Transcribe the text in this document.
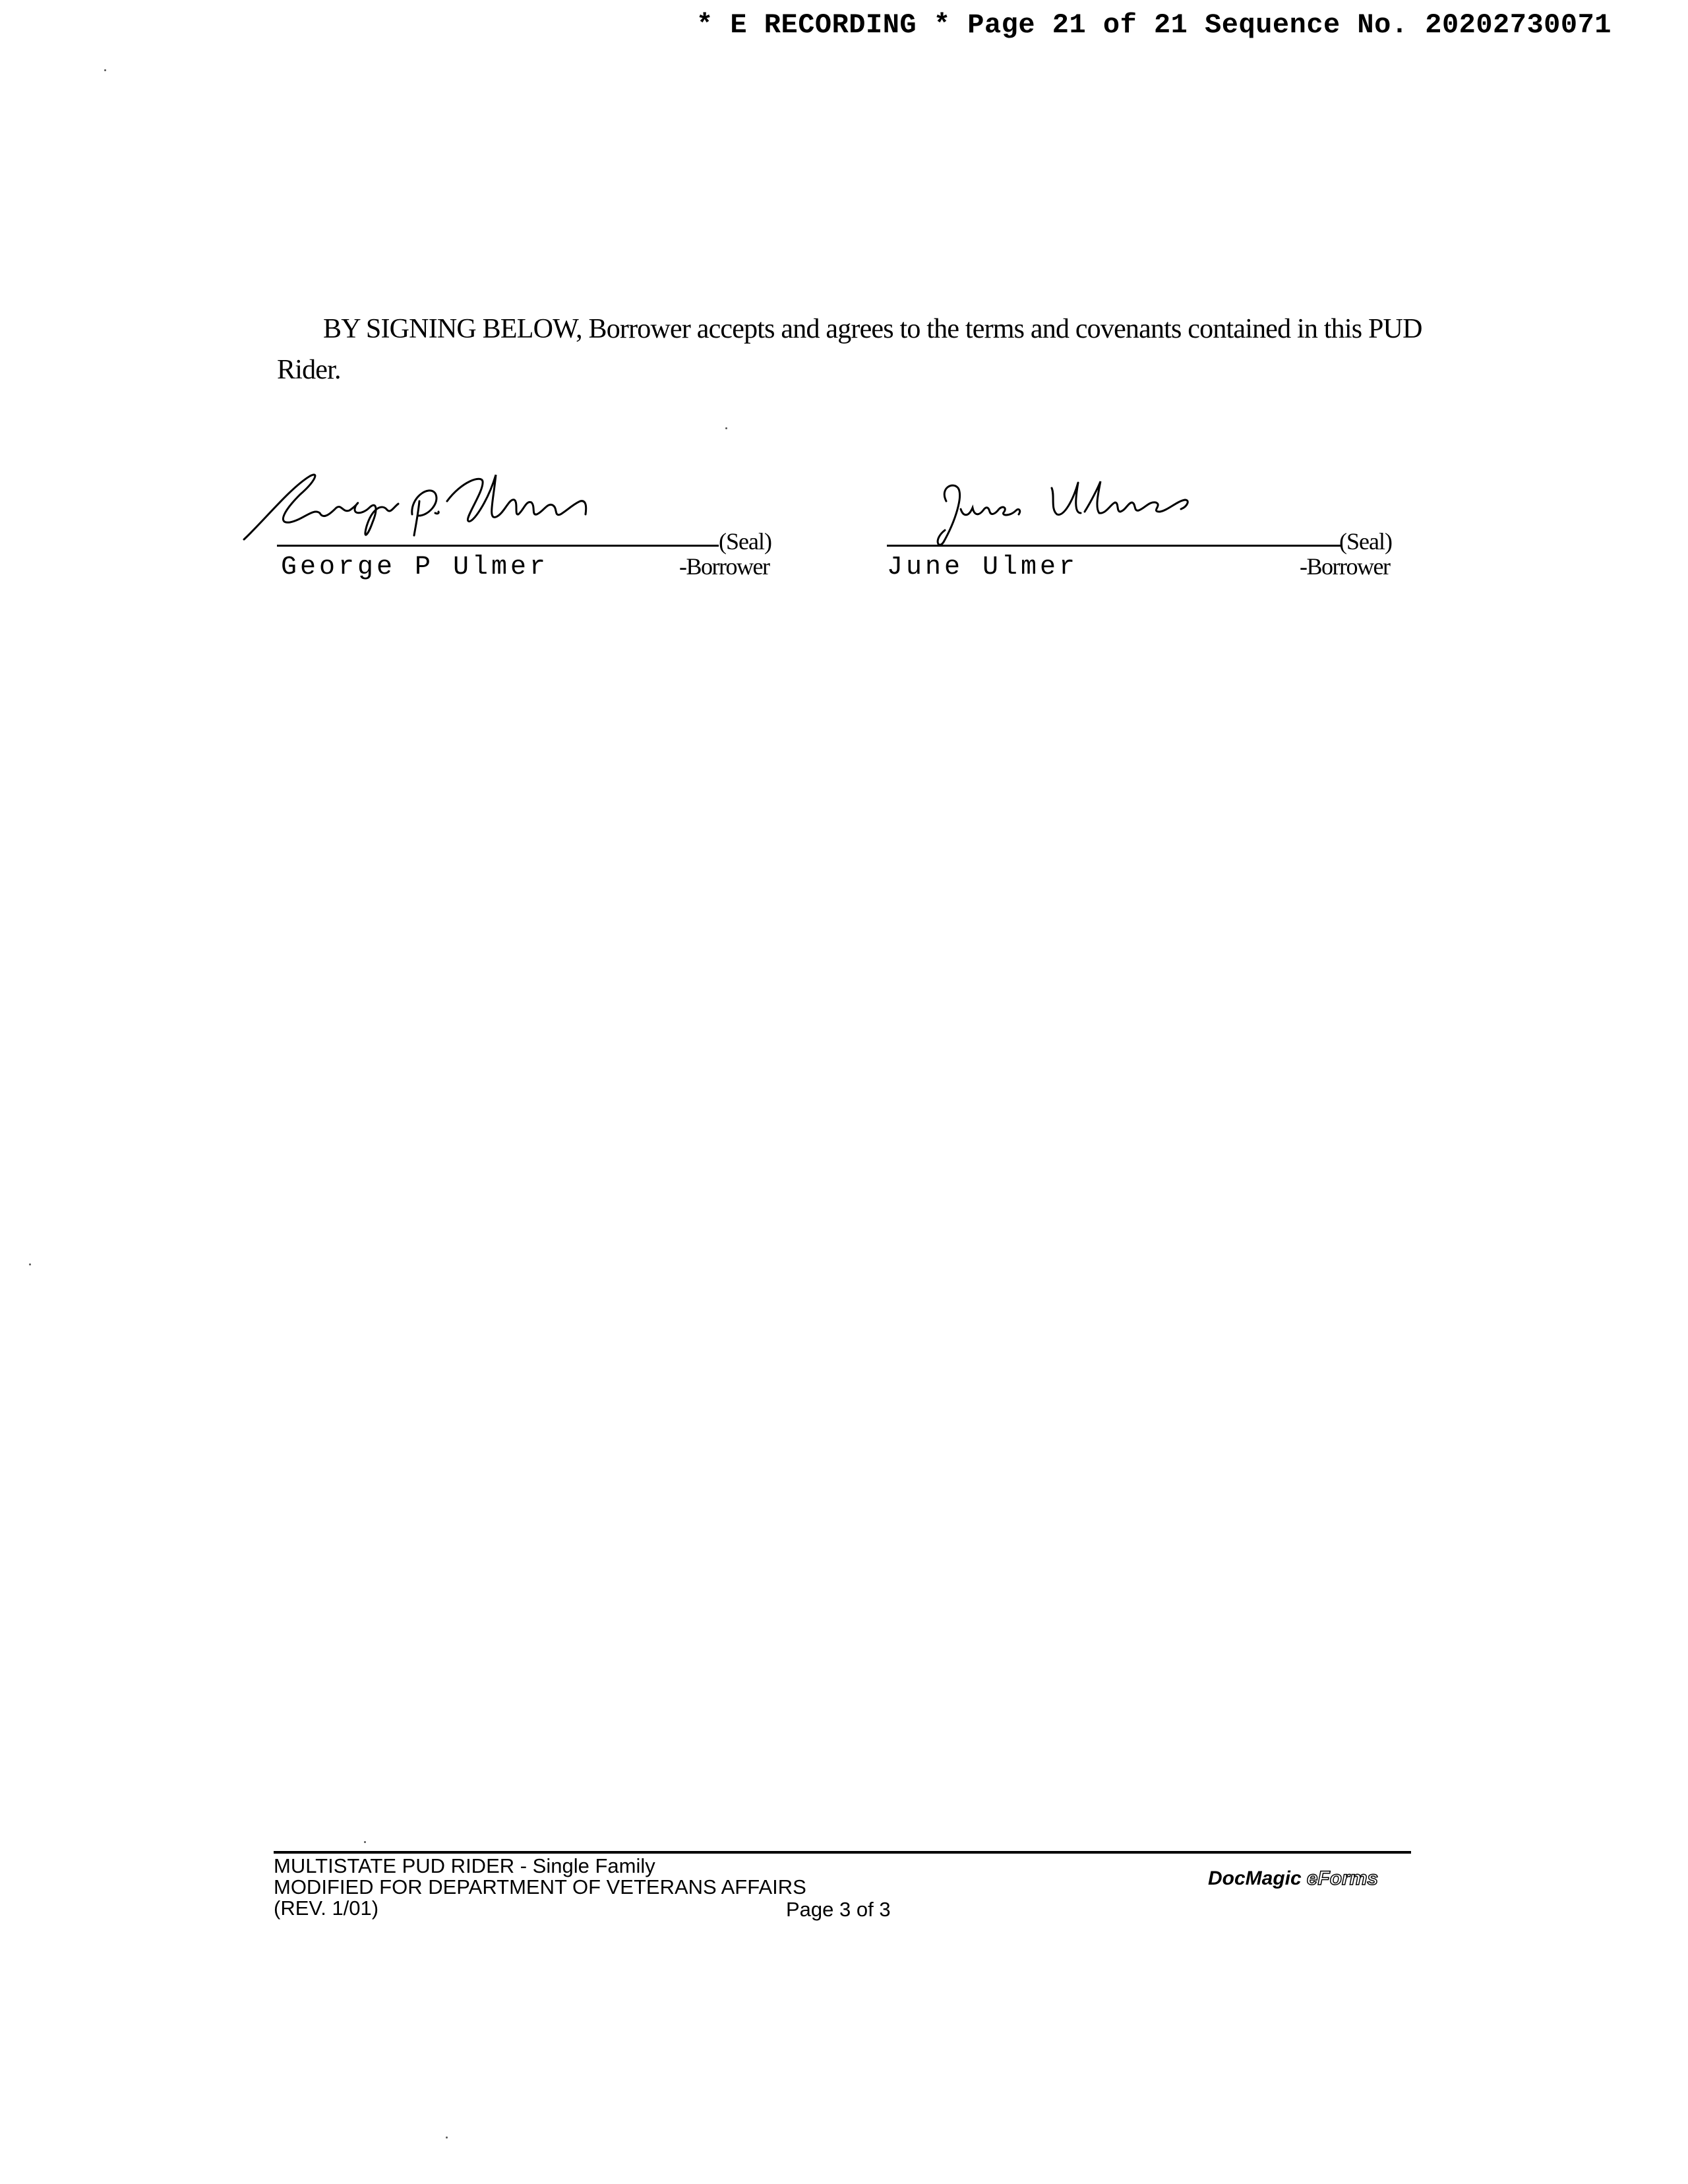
* E RECORDING * Page 21 of 21 Sequence No. 20202730071
BY SIGNING BELOW, Borrower accepts and agrees to the terms and covenants contained in this PUD
Rider.
(Seal)
George P Ulmer	-Borrower
(Seal)
June Ulmer	-Borrower
MULTISTATE PUD RIDER - Single Family
MODIFIED FOR DEPARTMENT OF VETERANS AFFAIRS
(REV. 1/01)	Page 3 of 3
DocMagic eForms
